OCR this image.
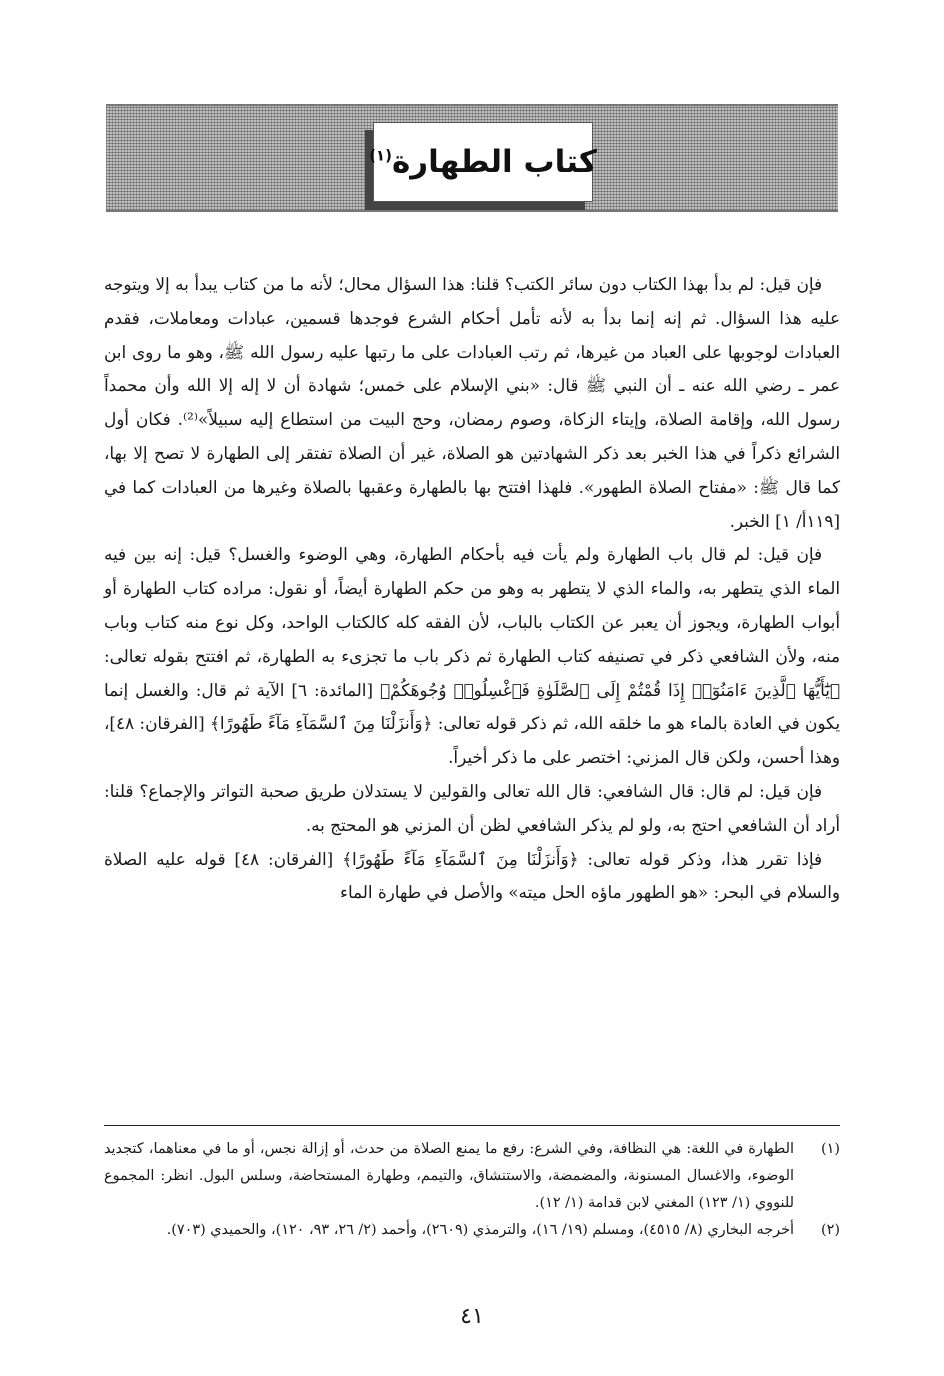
كتاب الطهارة$^{(١)}$

فإن قيل: لم بدأ بهذا الكتاب دون سائر الكتب؟ قلنا: هذا السؤال محال؛ لأنه ما من كتاب يبدأ به إلا ويتوجه عليه هذا السؤال. ثم إنه إنما بدأ به لأنه تأمل أحكام الشرع فوجدها قسمين، عبادات ومعاملات، فقدم العبادات لوجوبها على العباد من غيرها، ثم رتب العبادات على ما رتبها عليه رسول الله ﷺ، وهو ما روى ابن عمر ـ رضي الله عنه ـ أن النبي ﷺ قال: «بني الإسلام على خمس؛ شهادة أن لا إله إلا الله وأن محمداً رسول الله، وإقامة الصلاة، وإيتاء الزكاة، وصوم رمضان، وحج البيت من استطاع إليه سبيلاً»⁽²⁾. فكان أول الشرائع ذكراً في هذا الخبر بعد ذكر الشهادتين هو الصلاة، غير أن الصلاة تفتقر إلى الطهارة لا تصح إلا بها، كما قال ﷺ: «مفتاح الصلاة الطهور». فلهذا افتتح بها بالطهارة وعقبها بالصلاة وغيرها من العبادات كما في [١١٩أ/ ١] الخبر.

فإن قيل: لم قال باب الطهارة ولم يأت فيه بأحكام الطهارة، وهي الوضوء والغسل؟ قيل: إنه بين فيه الماء الذي يتطهر به، والماء الذي لا يتطهر به وهو من حكم الطهارة أيضاً، أو نقول: مراده كتاب الطهارة أو أبواب الطهارة، ويجوز أن يعبر عن الكتاب بالباب، لأن الفقه كله كالكتاب الواحد، وكل نوع منه كتاب وباب منه، ولأن الشافعي ذكر في تصنيفه كتاب الطهارة ثم ذكر باب ما تجزىء به الطهارة، ثم افتتح بقوله تعالى: ﴿يَٰٓأَيُّهَا ٱلَّذِينَ ءَامَنُوٓا۟ إِذَا قُمْتُمْ إِلَى ٱلصَّلَوٰةِ فَٱغْسِلُوا۟ وُجُوهَكُمْ﴾ [المائدة: ٦] الآية ثم قال: والغسل إنما يكون في العادة بالماء هو ما خلقه الله، ثم ذكر قوله تعالى: ﴿وَأَنزَلْنَا مِنَ ٱلسَّمَآءِ مَآءً طَهُورًا﴾ [الفرقان: ٤٨]، وهذا أحسن، ولكن قال المزني: اختصر على ما ذكر أخيراً.

فإن قيل: لم قال: قال الشافعي: قال الله تعالى والقولين لا يستدلان طريق صحبة التواتر والإجماع؟ قلنا: أراد أن الشافعي احتج به، ولو لم يذكر الشافعي لظن أن المزني هو المحتج به.

فإذا تقرر هذا، وذكر قوله تعالى: ﴿وَأَنزَلْنَا مِنَ ٱلسَّمَآءِ مَآءً طَهُورًا﴾ [الفرقان: ٤٨] قوله عليه الصلاة والسلام في البحر: «هو الطهور ماؤه الحل ميته» والأصل في طهارة الماء

(١)
الطهارة في اللغة: هي النظافة، وفي الشرع: رفع ما يمنع الصلاة من حدث، أو إزالة نجس، أو ما في معناهما، كتجديد الوضوء، والاغسال المسنونة، والمضمضة، والاستنشاق، والتيمم، وطهارة المستحاضة، وسلس البول. انظر: المجموع للنووي (١/ ١٢٣) المغني لابن قدامة (١/ ١٢).
(٢)
أخرجه البخاري (٨/ ٤٥١٥)، ومسلم (١٩/ ١٦)، والترمذي (٢٦٠٩)، وأحمد (٢/ ٢٦، ٩٣، ١٢٠)، والحميدي (٧٠٣).
٤١
